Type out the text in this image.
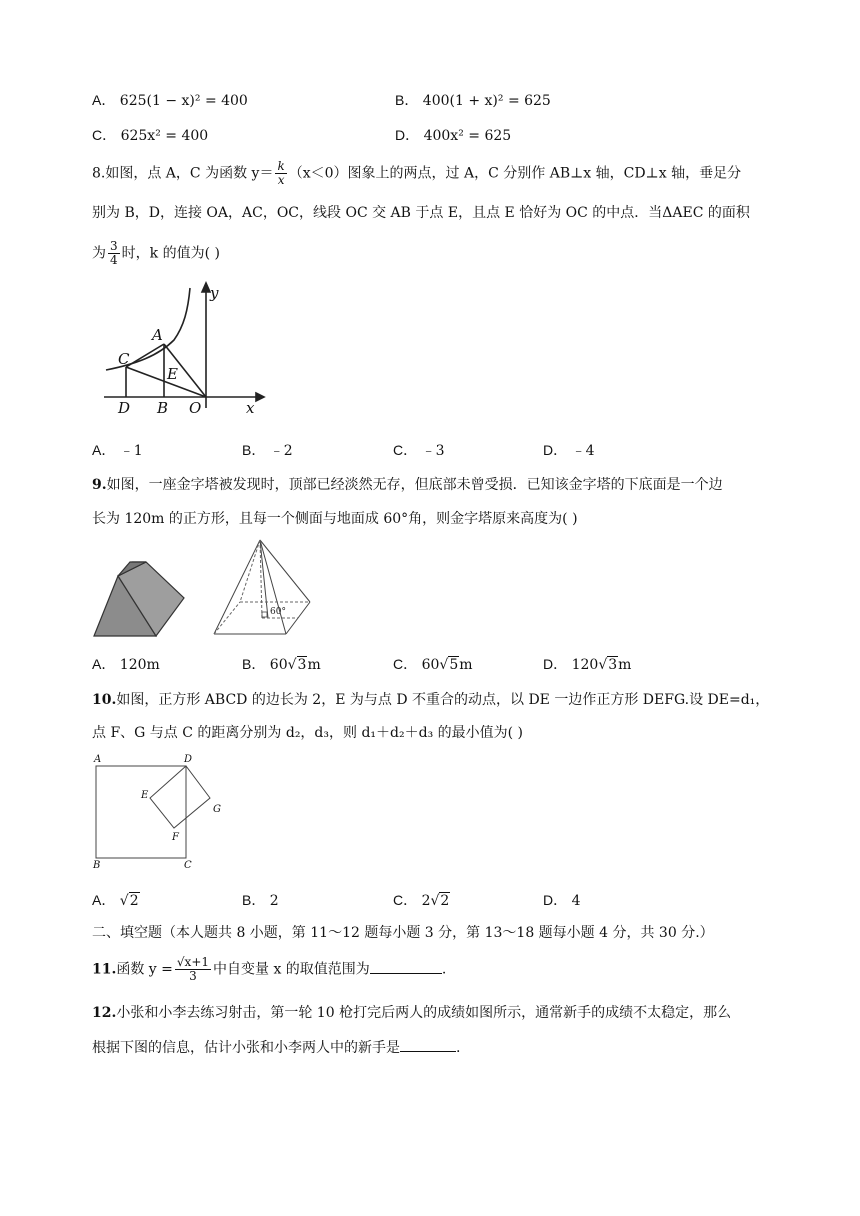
A． 625(1 − x)² = 400	B． 400(1 + x)² = 625
C． 625x² = 400	D． 400x² = 625
8.如图，点 A，C 为函数 $y= \frac{k}{x} (x<0)$图象上的两点，过 A，C 分别作 AB⊥x 轴，CD⊥x 轴，垂足分
别为 B，D，连接 OA，AC，OC，线段 OC 交 AB 于点 E，且点 E 恰好为 OC 的中点．当ΔAEC 的面积
为 $\frac{3}{4}$ 时，k 的值为( )
y
x
A
C
E
D B O
A． ﹣1	B． ﹣2	C． ﹣3	D． ﹣4
9.如图，一座金字塔被发现时，顶部已经淡然无存，但底部未曾受损．已知该金字塔的下底面是一个边
长为 120m 的正方形，且每一个侧面与地面成 60°角，则金字塔原来高度为( )
60°
A． 120m	B． 60√3m	C． 60√5m	D． 120√3m
10.如图，正方形 ABCD 的边长为 2，E 为与点 D 不重合的动点，以 DE 一边作正方形 DEFG.设 DE=d₁，
点 F、G 与点 C 的距离分别为 d₂，d₃，则 d₁＋d₂＋d₃ 的最小值为( )
A	D
E
G
F
B	C
A． √2	B． 2	C． 2√2	D． 4
二、填空题（本人题共 8 小题，第 11～12 题每小题 3 分，第 13～18 题每小题 4 分，共 30 分.）
11.函数 $y = \frac{√x+1}{3}$ 中自变量 x 的取值范围为	.
12.小张和小李去练习射击，第一轮 10 枪打完后两人的成绩如图所示，通常新手的成绩不太稳定，那么
根据下图的信息，估计小张和小李两人中的新手是	.
